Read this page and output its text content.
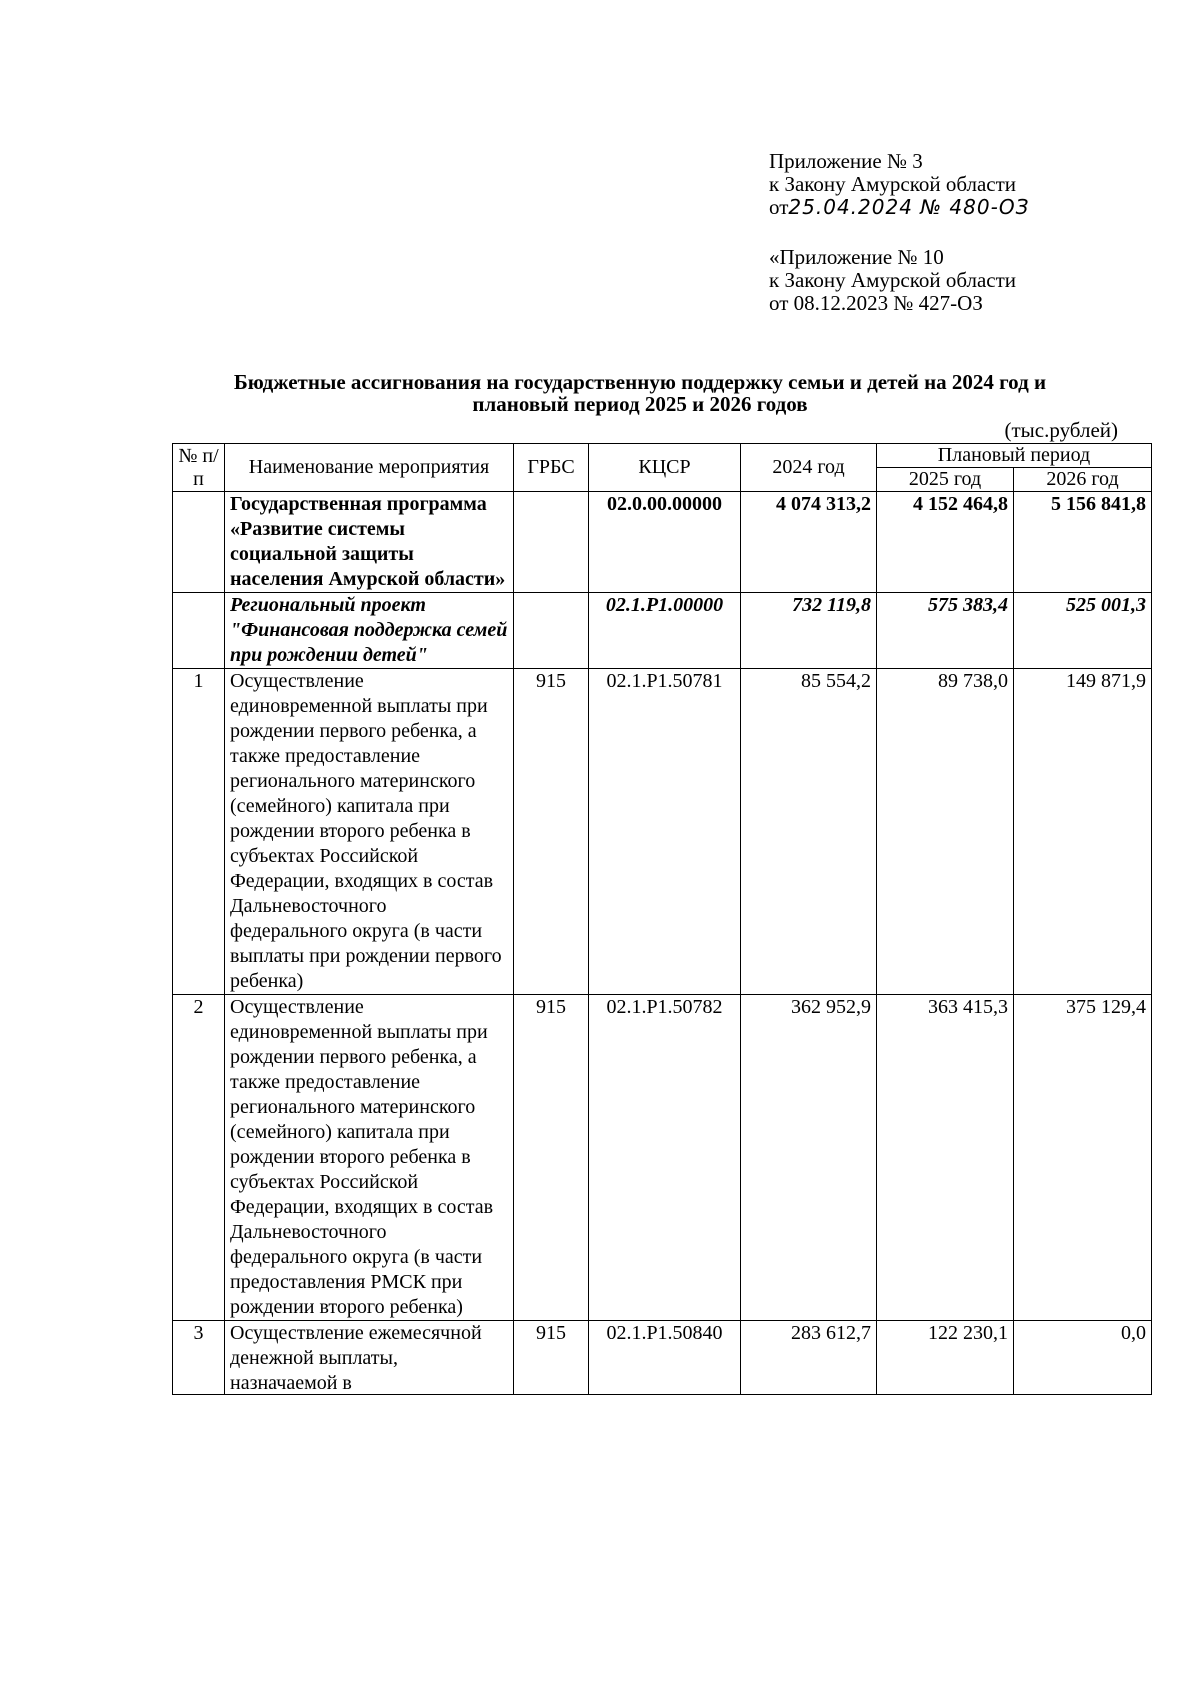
Приложение № 3
к Закону Амурской области
от25.04.2024 № 480-ОЗ
«Приложение № 10
к Закону Амурской области
от 08.12.2023 № 427-ОЗ
Бюджетные ассигнования на государственную поддержку семьи и детей на 2024 год и
плановый период 2025 и 2026 годов
(тыс.рублей)
№ п/п	Наименование мероприятия	ГРБС	КЦСР	2024 год	Плановый период	
					2025 год	2026 год
	Государственная программа «Развитие системы социальной защиты населения Амурской области»		02.0.00.00000	4 074 313,2	4 152 464,8	5 156 841,8
	Региональный проект "Финансовая поддержка семей при рождении детей"		02.1.Р1.00000	732 119,8	575 383,4	525 001,3
1	Осуществление единовременной выплаты при рождении первого ребенка, а также предоставление регионального материнского (семейного) капитала при рождении второго ребенка в субъектах Российской Федерации, входящих в состав Дальневосточного федерального округа (в части выплаты при рождении первого ребенка)	915	02.1.Р1.50781	85 554,2	89 738,0	149 871,9
2	Осуществление единовременной выплаты при рождении первого ребенка, а также предоставление регионального материнского (семейного) капитала при рождении второго ребенка в субъектах Российской Федерации, входящих в состав Дальневосточного федерального округа (в части предоставления РМСК при рождении второго ребенка)	915	02.1.Р1.50782	362 952,9	363 415,3	375 129,4
3	Осуществление ежемесячной денежной выплаты, назначаемой в	915	02.1.Р1.50840	283 612,7	122 230,1	0,0
